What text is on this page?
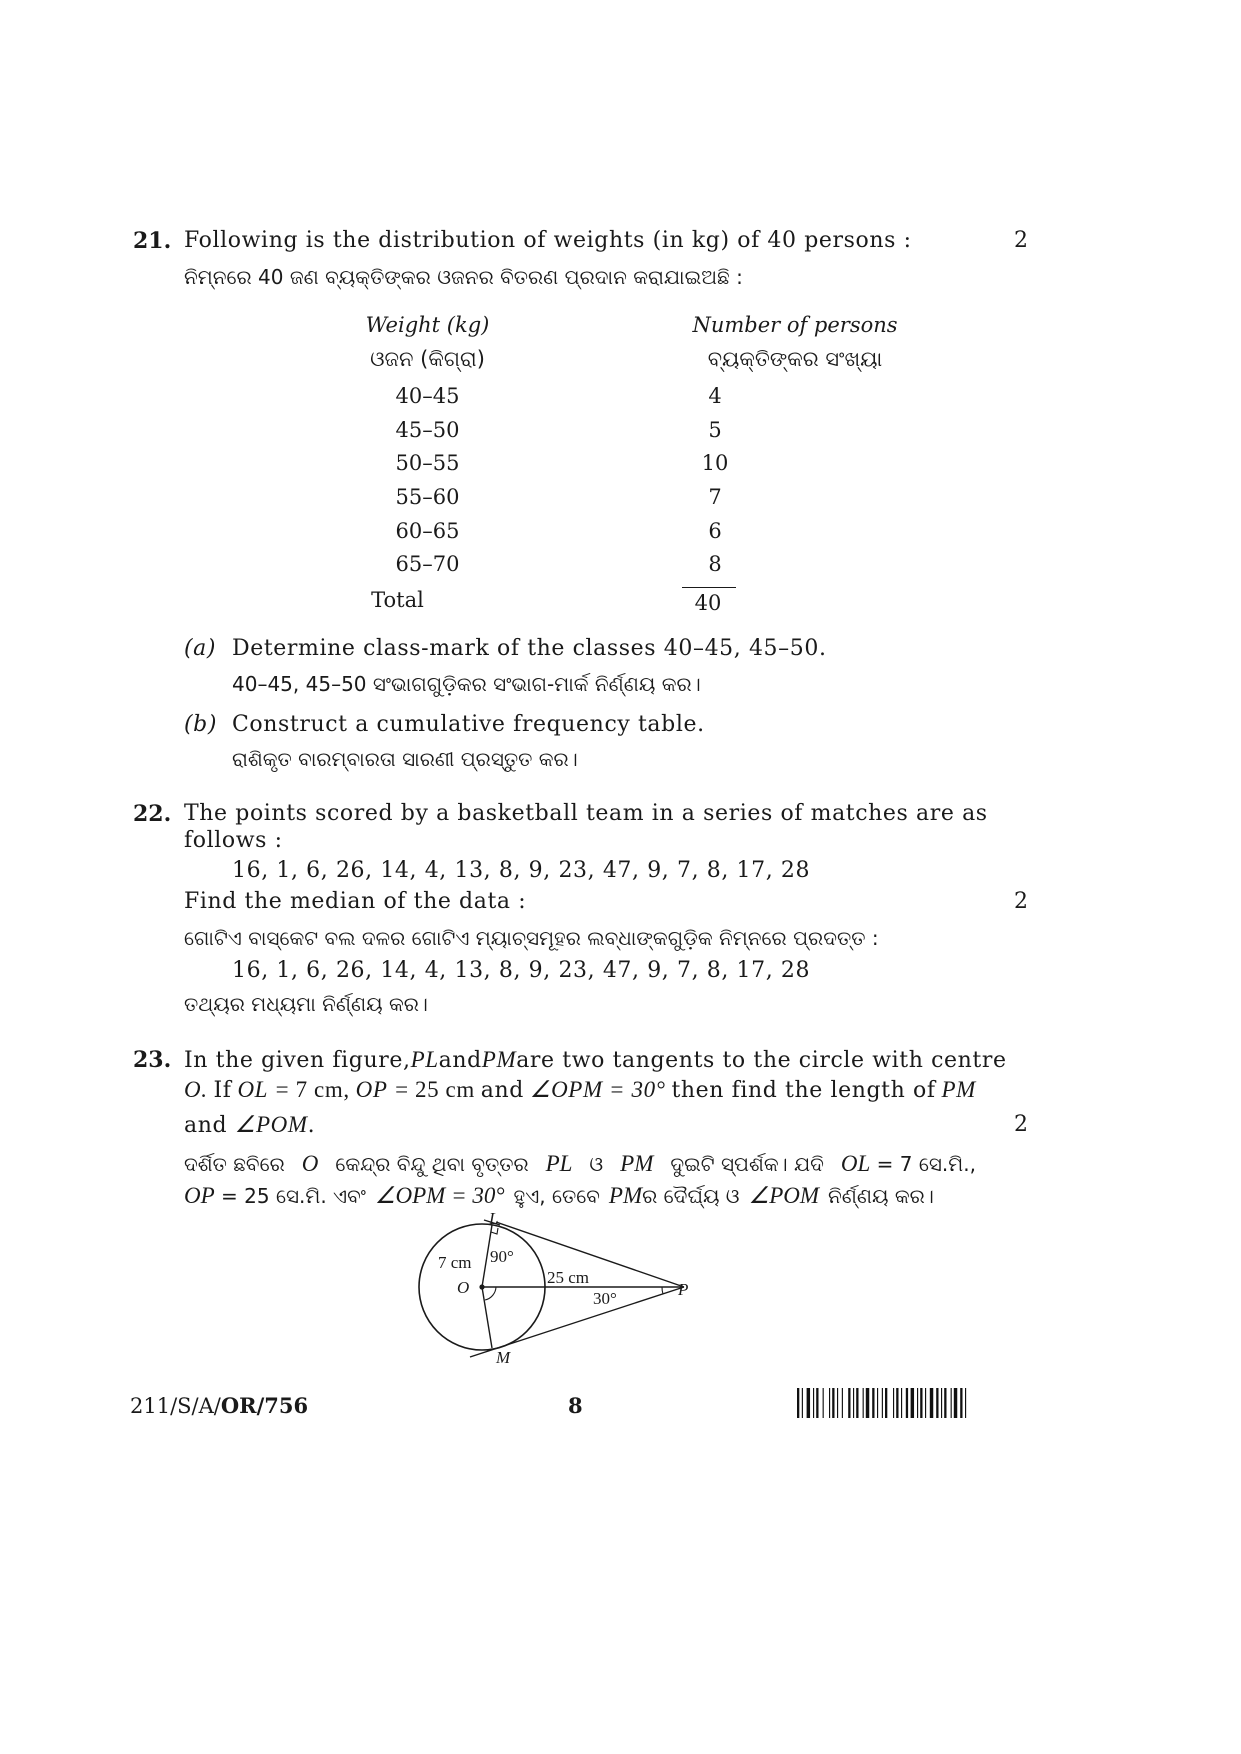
21. Following is the distribution of weights (in kg) of 40 persons :	2
ନିମ୍ନରେ 40 ଜଣ ବ୍ୟକ୍ତିଙ୍କର ଓଜନର ବିତରଣ ପ୍ରଦାନ କରାଯାଇଅଛି :
Weight (kg)	Number of persons
ଓଜନ (କିଗ୍ରା)	ବ୍ୟକ୍ତିଙ୍କର ସଂଖ୍ୟା
40–45	4
45–50	5
50–55	10
55–60	7
60–65	6
65–70	8
Total	40
(a) Determine class-mark of the classes 40–45, 45–50.
40–45, 45–50 ସଂଭାଗଗୁଡ଼ିକର ସଂଭାଗ-ମାର୍କ ନିର୍ଣ୍ଣୟ କର।
(b) Construct a cumulative frequency table.
ରାଶିକୃତ ବାରମ୍ବାରତା ସାରଣୀ ପ୍ରସ୍ତୁତ କର।
22. The points scored by a basketball team in a series of matches are as
follows :
16, 1, 6, 26, 14, 4, 13, 8, 9, 23, 47, 9, 7, 8, 17, 28
Find the median of the data :	2
ଗୋଟିଏ ବାସ୍କେଟ ବଲ ଦଳର ଗୋଟିଏ ମ୍ୟାଚ୍‌ସମୂହର ଲବ୍ଧାଙ୍କଗୁଡ଼ିକ ନିମ୍ନରେ ପ୍ରଦତ୍ତ :
16, 1, 6, 26, 14, 4, 13, 8, 9, 23, 47, 9, 7, 8, 17, 28
ତଥ୍ୟର ମଧ୍ୟମା ନିର୍ଣ୍ଣୟ କର।
23. In the given figure, PL and PM are two tangents to the circle with centre
O. If OL = 7 cm, OP = 25 cm and ∠OPM = 30° then find the length of PM
and ∠POM.	2
ଦର୍ଶିତ ଛବିରେ O କେନ୍ଦ୍ର ବିନ୍ଦୁ ଥିବା ବୃତ୍ତର PL ଓ PM ଦୁଇଟି ସ୍ପର୍ଶକ। ଯଦି OL = 7 ସେ.ମି.,
OP = 25 ସେ.ମି. ଏବଂ ∠OPM = 30° ହୁଏ, ତେବେ PMର ଦୈର୍ଘ୍ୟ ଓ ∠POM ନିର୍ଣ୍ଣୟ କର।
L
M
O	P
7 cm 90°
25 cm
30°
211/S/A/OR/756	8
